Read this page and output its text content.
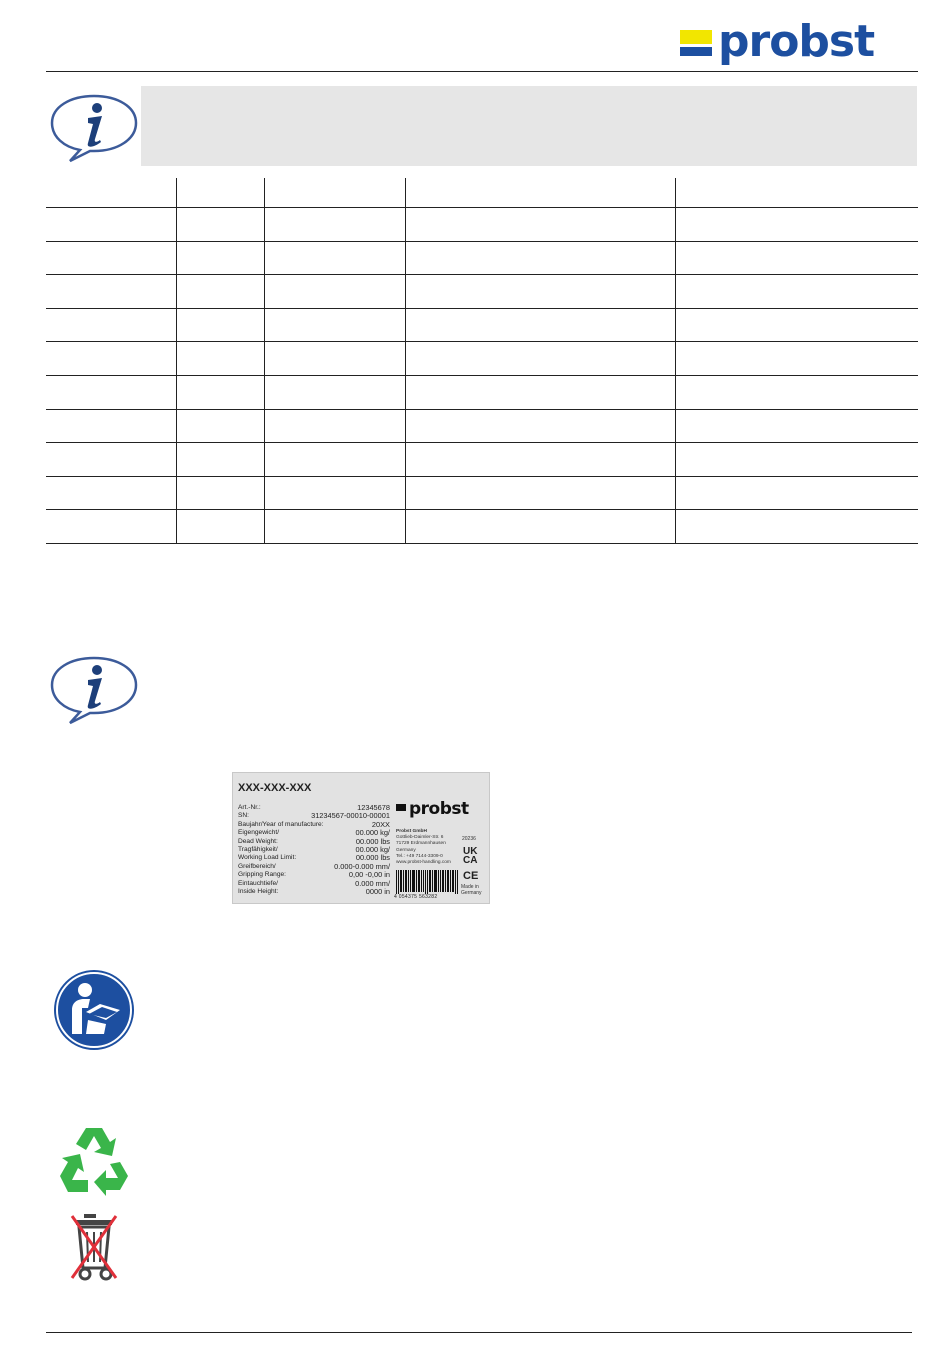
probst
XXX-XXX-XXX
Art.-Nr.:	12345678
SN:	31234567-00010-00001
Baujahr/Year of manufacture:	20XX
Eigengewicht/	00.000 kg/
Dead Weight:	00.000 lbs
Tragfähigkeit/	00.000 kg/
Working Load Limit:	00.000 lbs
Greifbereich/	0.000-0.000 mm/
Gripping Range:	0,00 -0,00 in
Eintauchtiefe/	0.000 mm/
Inside Height:	0000 in
probst
Probst GmbH
Gottlieb-Daimler-Str. 6
71729 Erdmannhausen
Germany
Tel.: +49 7144-3309-0
www.probst-handling.com
20236
UK
CA
CE
Made in
Germany
4 054375 563282
